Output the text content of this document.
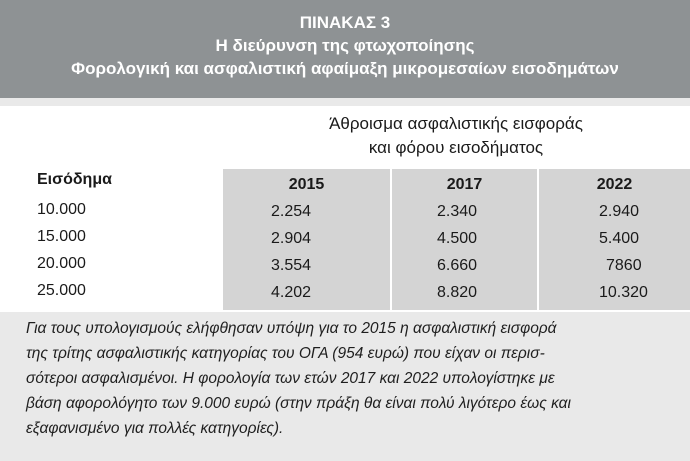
ΠΙΝΑΚΑΣ 3
Η διεύρυνση της φτωχοποίησης
Φορολογική και ασφαλιστική αφαίμαξη μικρομεσαίων εισοδημάτων
Άθροισμα ασφαλιστικής εισφοράς
και φόρου εισοδήματος
Εισόδημα
10.000
15.000
20.000
25.000
2015
2.254
2.904
3.554
4.202
2017
2.340
4.500
6.660
8.820
2022
2.940
5.400
7860
10.320
Για τους υπολογισμούς ελήφθησαν υπόψη για το 2015 η ασφαλιστική εισφορά
της τρίτης ασφαλιστικής κατηγορίας του ΟΓΑ (954 ευρώ) που είχαν οι περισ-
σότεροι ασφαλισμένοι. Η φορολογία των ετών 2017 και 2022 υπολογίστηκε με
βάση αφορολόγητο των 9.000 ευρώ (στην πράξη θα είναι πολύ λιγότερο έως και
εξαφανισμένο για πολλές κατηγορίες).
